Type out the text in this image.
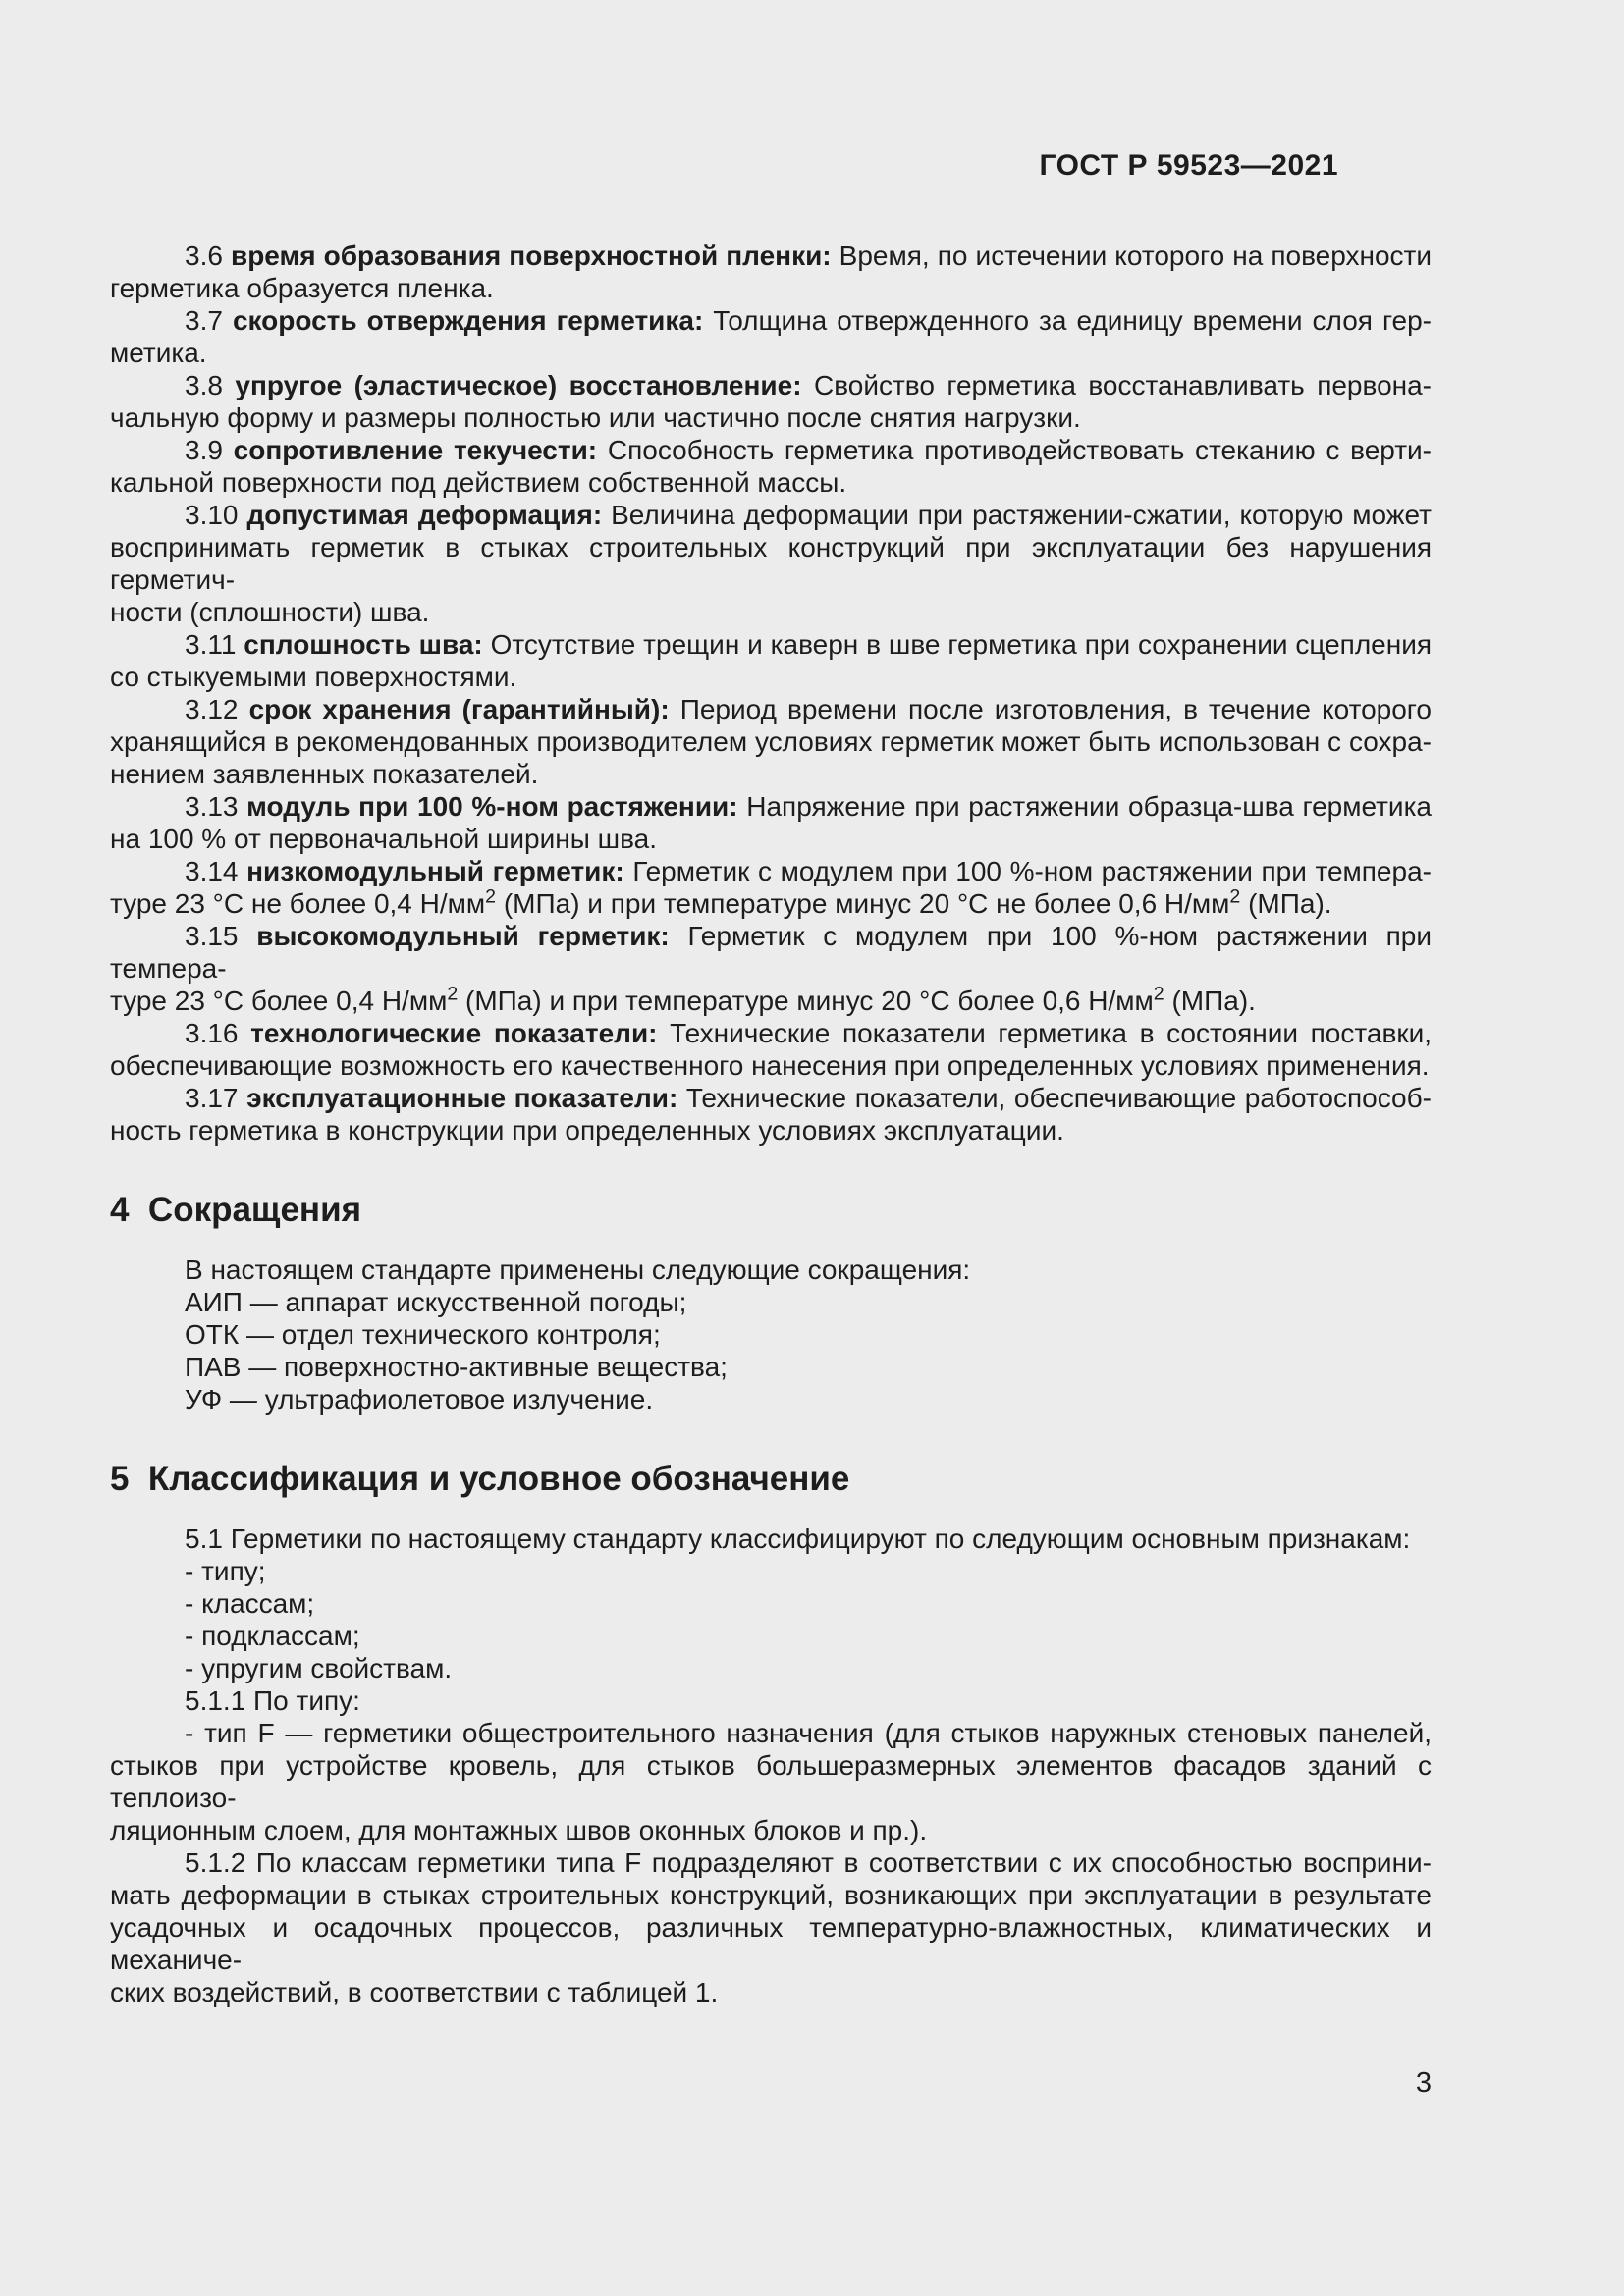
ГОСТ Р 59523—2021
3.6 время образования поверхностной пленки: Время, по истечении которого на поверхности
герметика образуется пленка.
3.7 скорость отверждения герметика: Толщина отвержденного за единицу времени слоя гер-
метика.
3.8 упругое (эластическое) восстановление: Свойство герметика восстанавливать первона-
чальную форму и размеры полностью или частично после снятия нагрузки.
3.9 сопротивление текучести: Способность герметика противодействовать стеканию с верти-
кальной поверхности под действием собственной массы.
3.10 допустимая деформация: Величина деформации при растяжении-сжатии, которую может
воспринимать герметик в стыках строительных конструкций при эксплуатации без нарушения герметич-
ности (сплошности) шва.
3.11 сплошность шва: Отсутствие трещин и каверн в шве герметика при сохранении сцепления
со стыкуемыми поверхностями.
3.12 срок хранения (гарантийный): Период времени после изготовления, в течение которого
хранящийся в рекомендованных производителем условиях герметик может быть использован с сохра-
нением заявленных показателей.
3.13 модуль при 100 %-ном растяжении: Напряжение при растяжении образца-шва герметика
на 100 % от первоначальной ширины шва.
3.14 низкомодульный герметик: Герметик с модулем при 100 %-ном растяжении при темпера-
туре 23 °С не более 0,4 $Н/мм^2$ (МПа) и при температуре минус 20 °С не более 0,6 $Н/мм^2$ (МПа).
3.15 высокомодульный герметик: Герметик с модулем при 100 %-ном растяжении при темпера-
туре 23 °С более 0,4 $Н/мм^2$ (МПа) и при температуре минус 20 °С более 0,6 $Н/мм^2$ (МПа).
3.16 технологические показатели: Технические показатели герметика в состоянии поставки,
обеспечивающие возможность его качественного нанесения при определенных условиях применения.
3.17 эксплуатационные показатели: Технические показатели, обеспечивающие работоспособ-
ность герметика в конструкции при определенных условиях эксплуатации.
4  Сокращения
В настоящем стандарте применены следующие сокращения:
АИП — аппарат искусственной погоды;
ОТК — отдел технического контроля;
ПАВ — поверхностно-активные вещества;
УФ — ультрафиолетовое излучение.
5  Классификация и условное обозначение
5.1 Герметики по настоящему стандарту классифицируют по следующим основным признакам:
- типу;
- классам;
- подклассам;
- упругим свойствам.
5.1.1 По типу:
- тип F — герметики общестроительного назначения (для стыков наружных стеновых панелей,
стыков при устройстве кровель, для стыков большеразмерных элементов фасадов зданий с теплоизо-
ляционным слоем, для монтажных швов оконных блоков и пр.).
5.1.2 По классам герметики типа F подразделяют в соответствии с их способностью восприни-
мать деформации в стыках строительных конструкций, возникающих при эксплуатации в результате
усадочных и осадочных процессов, различных температурно-влажностных, климатических и механиче-
ских воздействий, в соответствии с таблицей 1.
3
